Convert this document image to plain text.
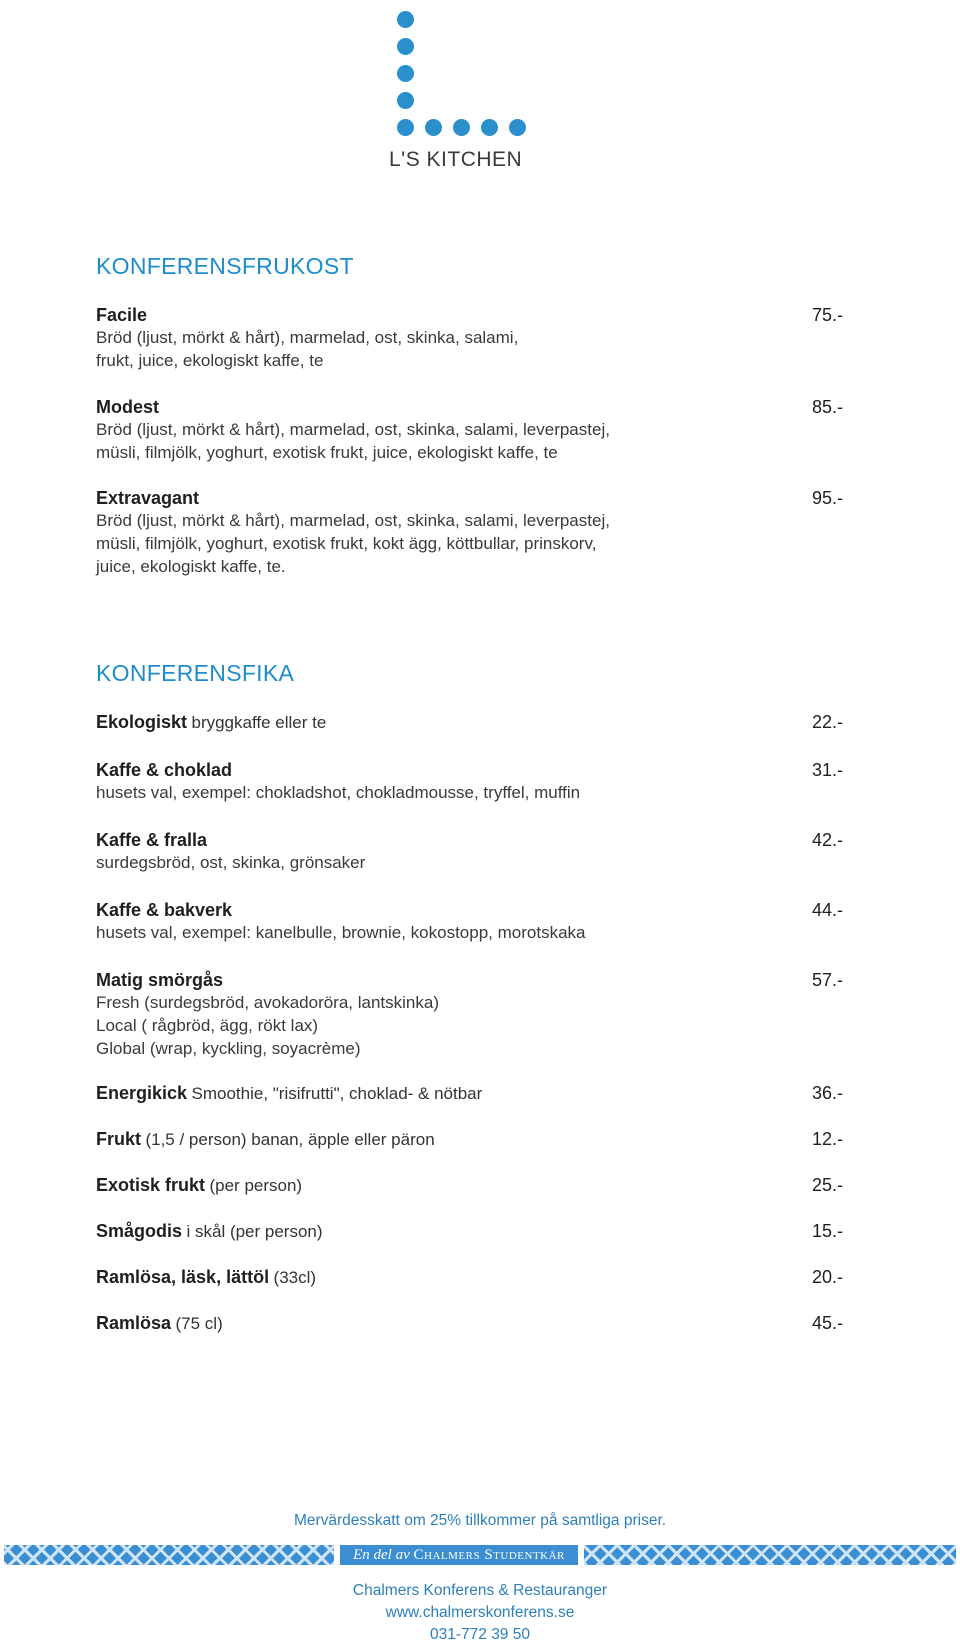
L'S KITCHEN
KONFERENSFRUKOST
Facile	75.-
Bröd (ljust, mörkt & hårt), marmelad, ost, skinka, salami,
frukt, juice, ekologiskt kaffe, te
Modest	85.-
Bröd (ljust, mörkt & hårt), marmelad, ost, skinka, salami, leverpastej,
müsli, filmjölk, yoghurt, exotisk frukt, juice, ekologiskt kaffe, te
Extravagant	95.-
Bröd (ljust, mörkt & hårt), marmelad, ost, skinka, salami, leverpastej,
müsli, filmjölk, yoghurt, exotisk frukt, kokt ägg, köttbullar, prinskorv,
juice, ekologiskt kaffe, te.
KONFERENSFIKA
Ekologiskt bryggkaffe eller te	22.-
Kaffe & choklad	31.-
husets val, exempel: chokladshot, chokladmousse, tryffel, muffin
Kaffe & fralla	42.-
surdegsbröd, ost, skinka, grönsaker
Kaffe & bakverk	44.-
husets val, exempel: kanelbulle, brownie, kokostopp, morotskaka
Matig smörgås	57.-
Fresh (surdegsbröd, avokadoröra, lantskinka)
Local ( rågbröd, ägg, rökt lax)
Global (wrap, kyckling, soyacrème)
Energikick Smoothie, "risifrutti", choklad- & nötbar	36.-
Frukt (1,5 / person) banan, äpple eller päron	12.-
Exotisk frukt (per person)	25.-
Smågodis i skål (per person)	15.-
Ramlösa, läsk, lättöl (33cl)	20.-
Ramlösa (75 cl)	45.-
Mervärdesskatt om 25% tillkommer på samtliga priser.
En del av Chalmers Studentkår
Chalmers Konferens & Restauranger
www.chalmerskonferens.se
031-772 39 50
